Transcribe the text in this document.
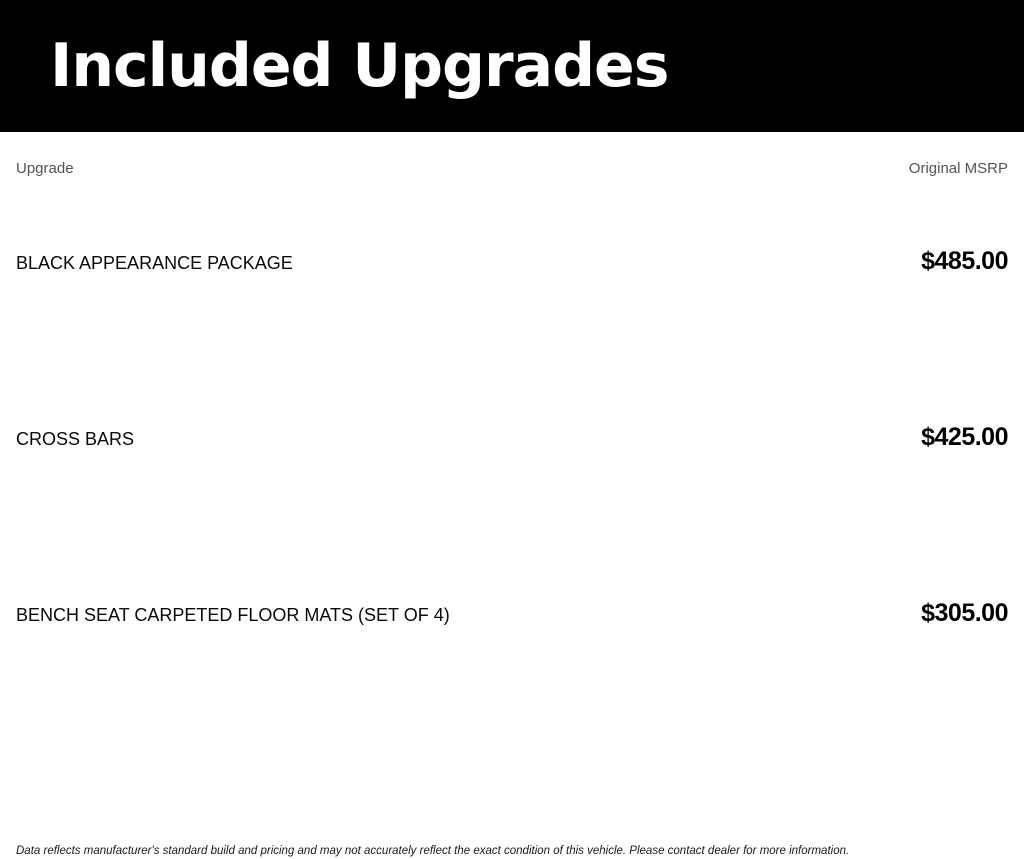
Included Upgrades
Upgrade	Original MSRP
BLACK APPEARANCE PACKAGE	$485.00
CROSS BARS	$425.00
BENCH SEAT CARPETED FLOOR MATS (SET OF 4)	$305.00
Data reflects manufacturer's standard build and pricing and may not accurately reflect the exact condition of this vehicle. Please contact dealer for more information.
